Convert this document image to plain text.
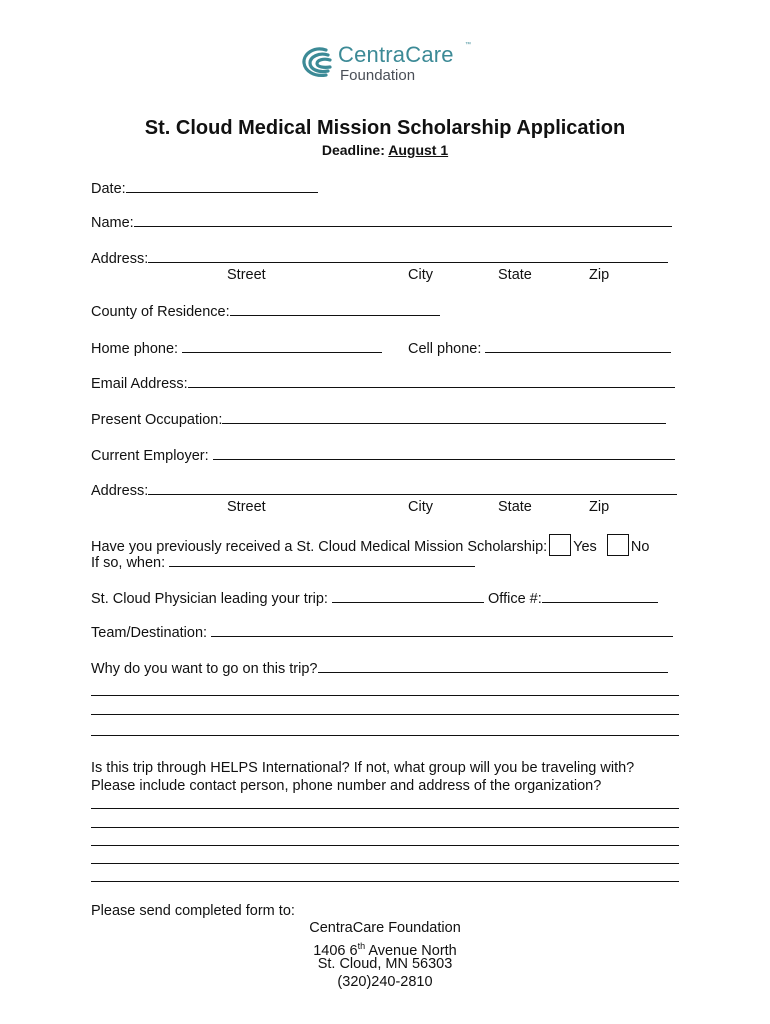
CentraCare ™
Foundation
St. Cloud Medical Mission Scholarship Application
Deadline: August 1
Date:
Name:
Address:
Street	City	State	Zip
County of Residence:
Home phone:	Cell phone:
Email Address:
Present Occupation:
Current Employer:
Address:
Street	City	State	Zip
Have you previously received a St. Cloud Medical Mission Scholarship: Yes No
If so, when:
St. Cloud Physician leading your trip:	Office #:
Team/Destination:
Why do you want to go on this trip?
Is this trip through HELPS International? If not, what group will you be traveling with?
Please include contact person, phone number and address of the organization?
Please send completed form to:
CentraCare Foundation
1406 6th Avenue North
St. Cloud, MN 56303
(320)240-2810
